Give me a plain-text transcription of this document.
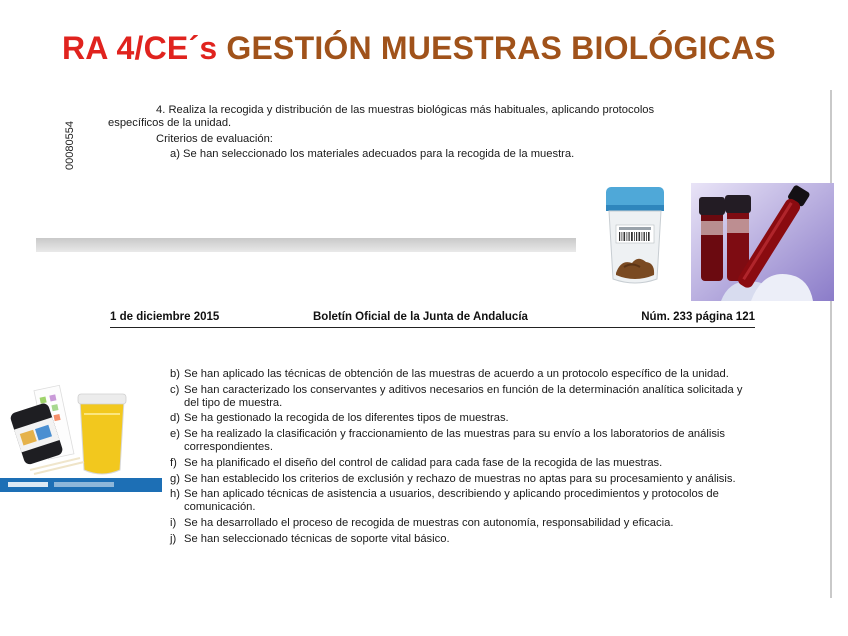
RA 4/CE´s GESTIÓN MUESTRAS BIOLÓGICAS
00080554
4. Realiza la recogida y distribución de las muestras biológicas más habituales, aplicando protocolos
específicos de la unidad.
Criterios de evaluación:
a) Se han seleccionado los materiales adecuados para la recogida de la muestra.
1 de diciembre 2015	Boletín Oficial de la Junta de Andalucía	Núm. 233 página 121
b) Se han aplicado las técnicas de obtención de las muestras de acuerdo a un protocolo específico de la unidad.
c) Se han caracterizado los conservantes y aditivos necesarios en función de la determinación analítica solicitada y del tipo de muestra.
d) Se ha gestionado la recogida de los diferentes tipos de muestras.
e) Se ha realizado la clasificación y fraccionamiento de las muestras para su envío a los laboratorios de análisis correspondientes.
f) Se ha planificado el diseño del control de calidad para cada fase de la recogida de las muestras.
g) Se han establecido los criterios de exclusión y rechazo de muestras no aptas para su procesamiento y análisis.
h) Se han aplicado técnicas de asistencia a usuarios, describiendo y aplicando procedimientos y protocolos de comunicación.
i) Se ha desarrollado el proceso de recogida de muestras con autonomía, responsabilidad y eficacia.
j) Se han seleccionado técnicas de soporte vital básico.
